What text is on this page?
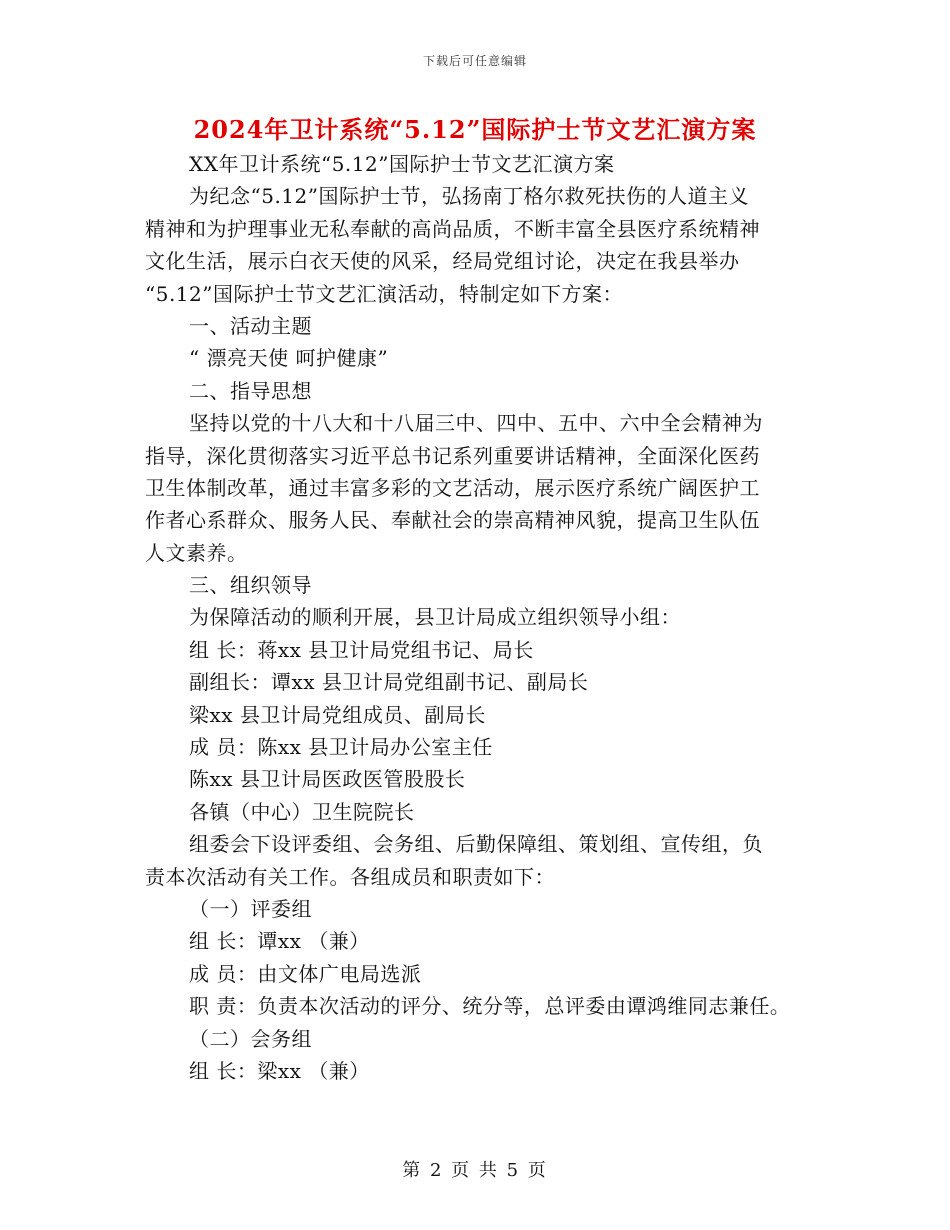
下载后可任意编辑
2024年卫计系统“5.12”国际护士节文艺汇演方案
XX年卫计系统“5.12”国际护士节文艺汇演方案
为纪念“5.12”国际护士节，弘扬南丁格尔救死扶伤的人道主义
精神和为护理事业无私奉献的高尚品质，不断丰富全县医疗系统精神
文化生活，展示白衣天使的风采，经局党组讨论，决定在我县举办
“5.12”国际护士节文艺汇演活动，特制定如下方案：
一、活动主题
“ 漂亮天使 呵护健康”
二、指导思想
坚持以党的十八大和十八届三中、四中、五中、六中全会精神为
指导，深化贯彻落实习近平总书记系列重要讲话精神，全面深化医药
卫生体制改革，通过丰富多彩的文艺活动，展示医疗系统广阔医护工
作者心系群众、服务人民、奉献社会的崇高精神风貌，提高卫生队伍
人文素养。
三、组织领导
为保障活动的顺利开展，县卫计局成立组织领导小组：
组 长：蒋xx 县卫计局党组书记、局长
副组长：谭xx 县卫计局党组副书记、副局长
梁xx 县卫计局党组成员、副局长
成 员：陈xx 县卫计局办公室主任
陈xx 县卫计局医政医管股股长
各镇（中心）卫生院院长
组委会下设评委组、会务组、后勤保障组、策划组、宣传组，负
责本次活动有关工作。各组成员和职责如下：
（一）评委组
组 长：谭xx （兼）
成 员：由文体广电局选派
职 责：负责本次活动的评分、统分等，总评委由谭鸿维同志兼任。
（二）会务组
组 长：梁xx （兼）
第 2 页 共 5 页
